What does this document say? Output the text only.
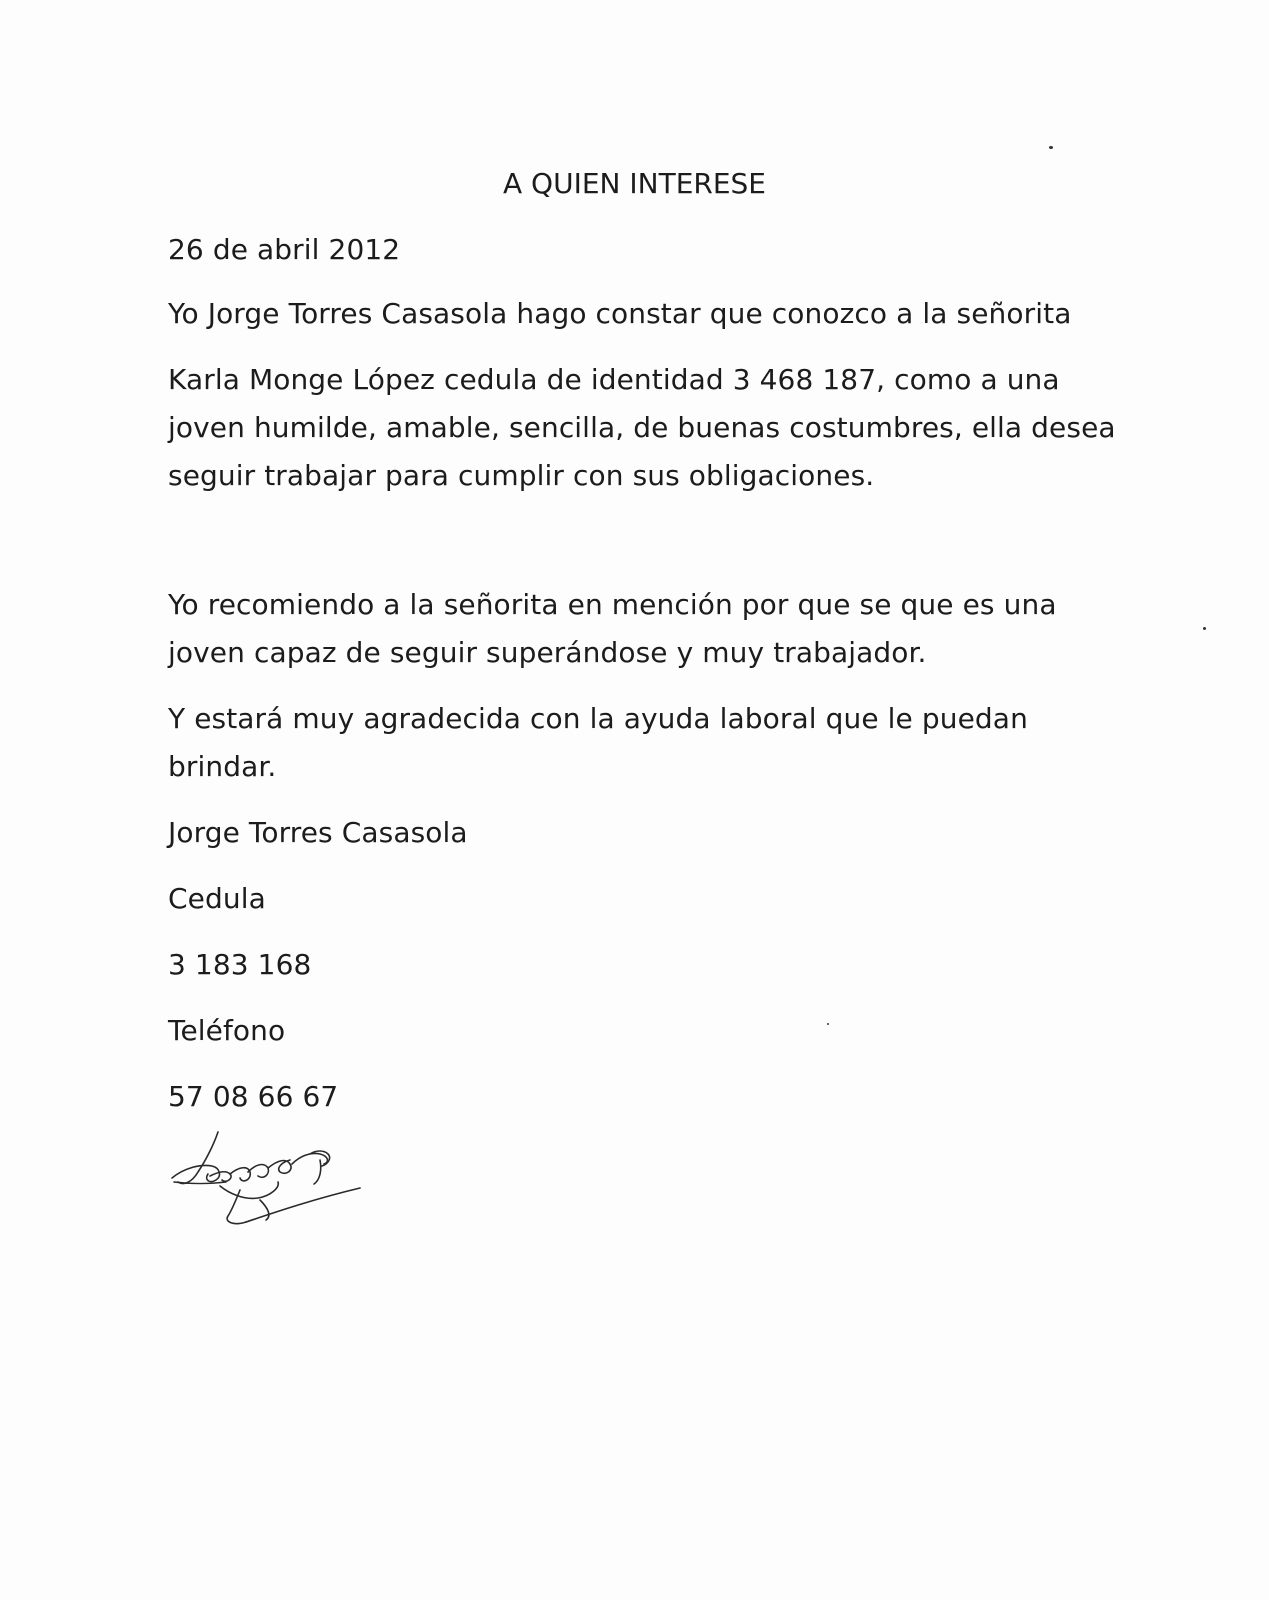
A QUIEN INTERESE
26 de abril 2012
Yo Jorge Torres Casasola hago constar que conozco a la señorita
Karla Monge López cedula de identidad 3 468 187, como a una
joven humilde, amable, sencilla, de buenas costumbres, ella desea
seguir trabajar para cumplir con sus obligaciones.
Yo recomiendo a la señorita en mención por que se que es una
joven capaz de seguir superándose y muy trabajador.
Y estará muy agradecida con la ayuda laboral que le puedan
brindar.
Jorge Torres Casasola
Cedula
3 183 168
Teléfono
57 08 66 67
